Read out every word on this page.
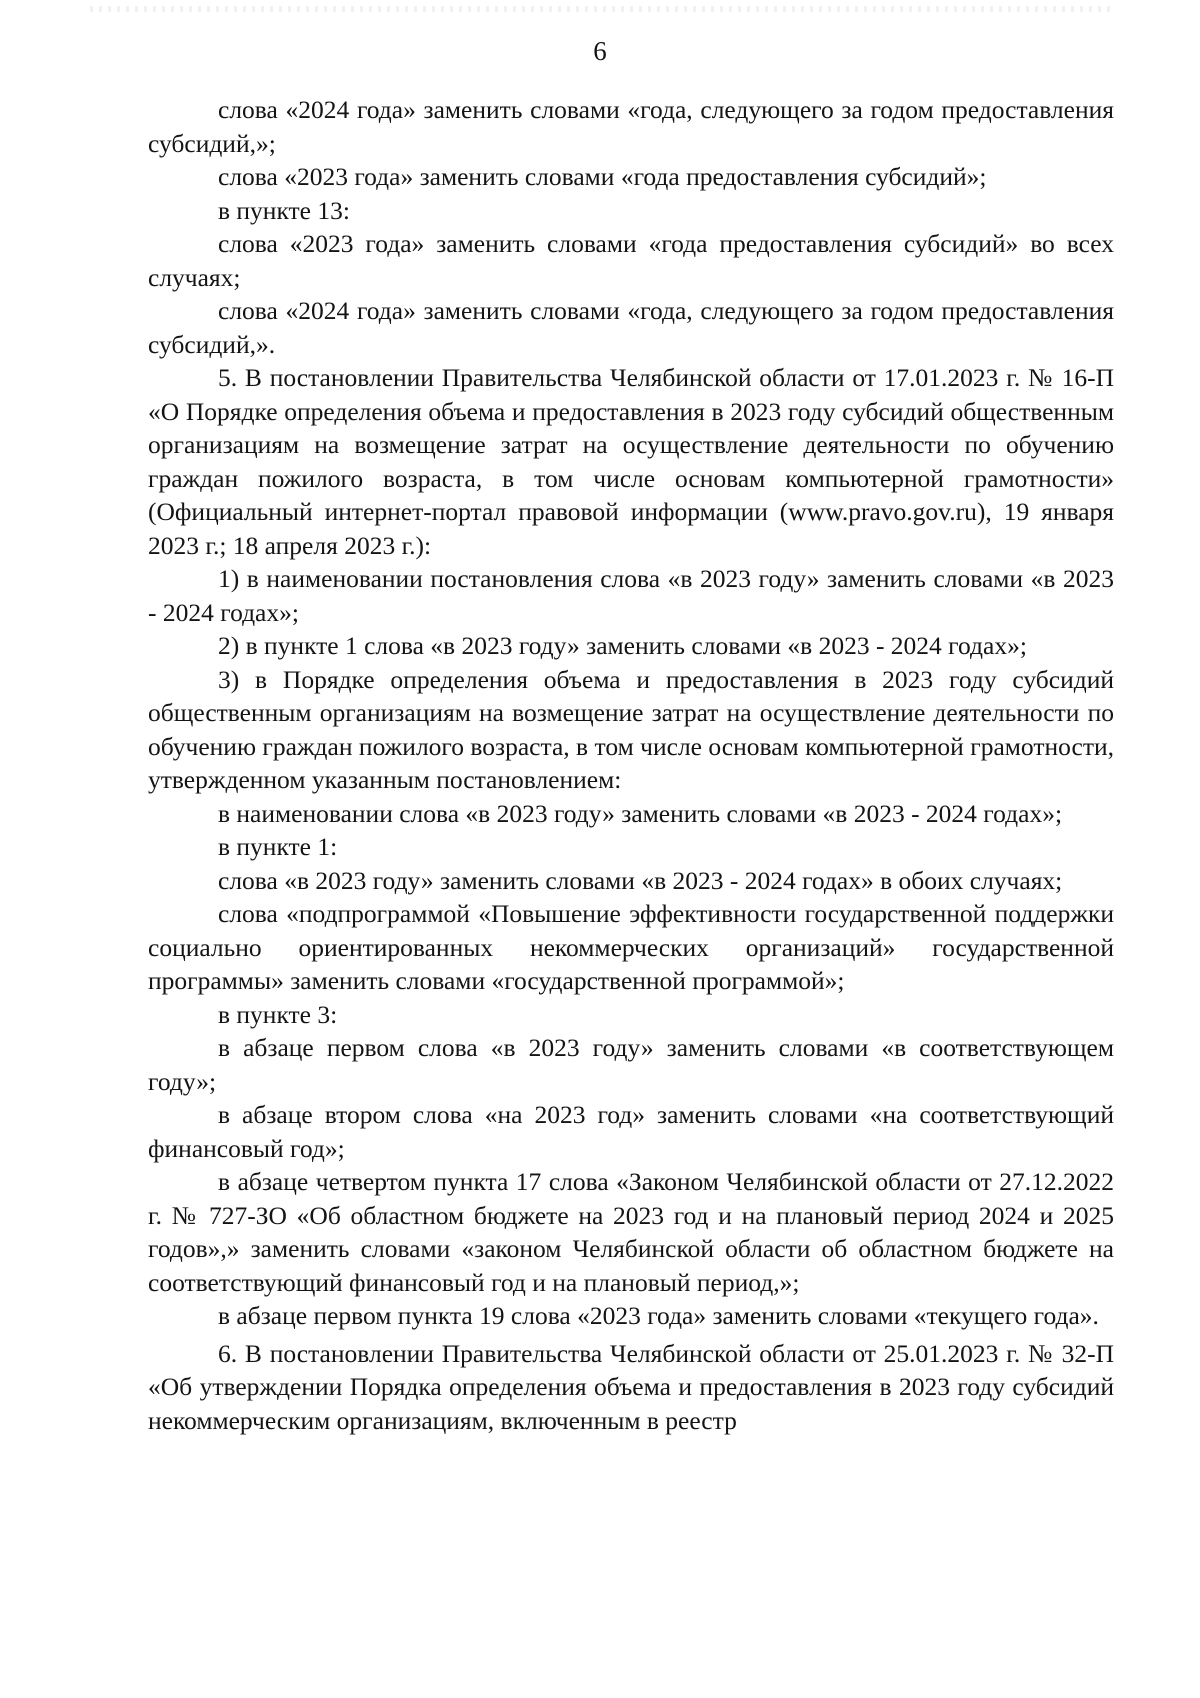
6

слова «2024 года» заменить словами «года, следующего за годом предоставления субсидий,»;

слова «2023 года» заменить словами «года предоставления субсидий»;

в пункте 13:

слова «2023 года» заменить словами «года предоставления субсидий» во всех случаях;

слова «2024 года» заменить словами «года, следующего за годом предоставления субсидий,».

5. В постановлении Правительства Челябинской области от 17.01.2023 г. № 16-П «О Порядке определения объема и предоставления в 2023 году субсидий общественным организациям на возмещение затрат на осуществление деятельности по обучению граждан пожилого возраста, в том числе основам компьютерной грамотности» (Официальный интернет-портал правовой информации (www.pravo.gov.ru), 19 января 2023 г.; 18 апреля 2023 г.):

1) в наименовании постановления слова «в 2023 году» заменить словами «в 2023 - 2024 годах»;

2) в пункте 1 слова «в 2023 году» заменить словами «в 2023 - 2024 годах»;

3) в Порядке определения объема и предоставления в 2023 году субсидий общественным организациям на возмещение затрат на осуществление деятельности по обучению граждан пожилого возраста, в том числе основам компьютерной грамотности, утвержденном указанным постановлением:

в наименовании слова «в 2023 году» заменить словами «в 2023 - 2024 годах»;

в пункте 1:

слова «в 2023 году» заменить словами «в 2023 - 2024 годах» в обоих случаях;

слова «подпрограммой «Повышение эффективности государственной поддержки социально ориентированных некоммерческих организаций» государственной программы» заменить словами «государственной программой»;

в пункте 3:

в абзаце первом слова «в 2023 году» заменить словами «в соответствующем году»;

в абзаце втором слова «на 2023 год» заменить словами «на соответствующий финансовый год»;

в абзаце четвертом пункта 17 слова «Законом Челябинской области от 27.12.2022 г. № 727-ЗО «Об областном бюджете на 2023 год и на плановый период 2024 и 2025 годов»,» заменить словами «законом Челябинской области об областном бюджете на соответствующий финансовый год и на плановый период,»;

в абзаце первом пункта 19 слова «2023 года» заменить словами «текущего года».

6. В постановлении Правительства Челябинской области от 25.01.2023 г. № 32-П «Об утверждении Порядка определения объема и предоставления в 2023 году субсидий некоммерческим организациям, включенным в реестр
